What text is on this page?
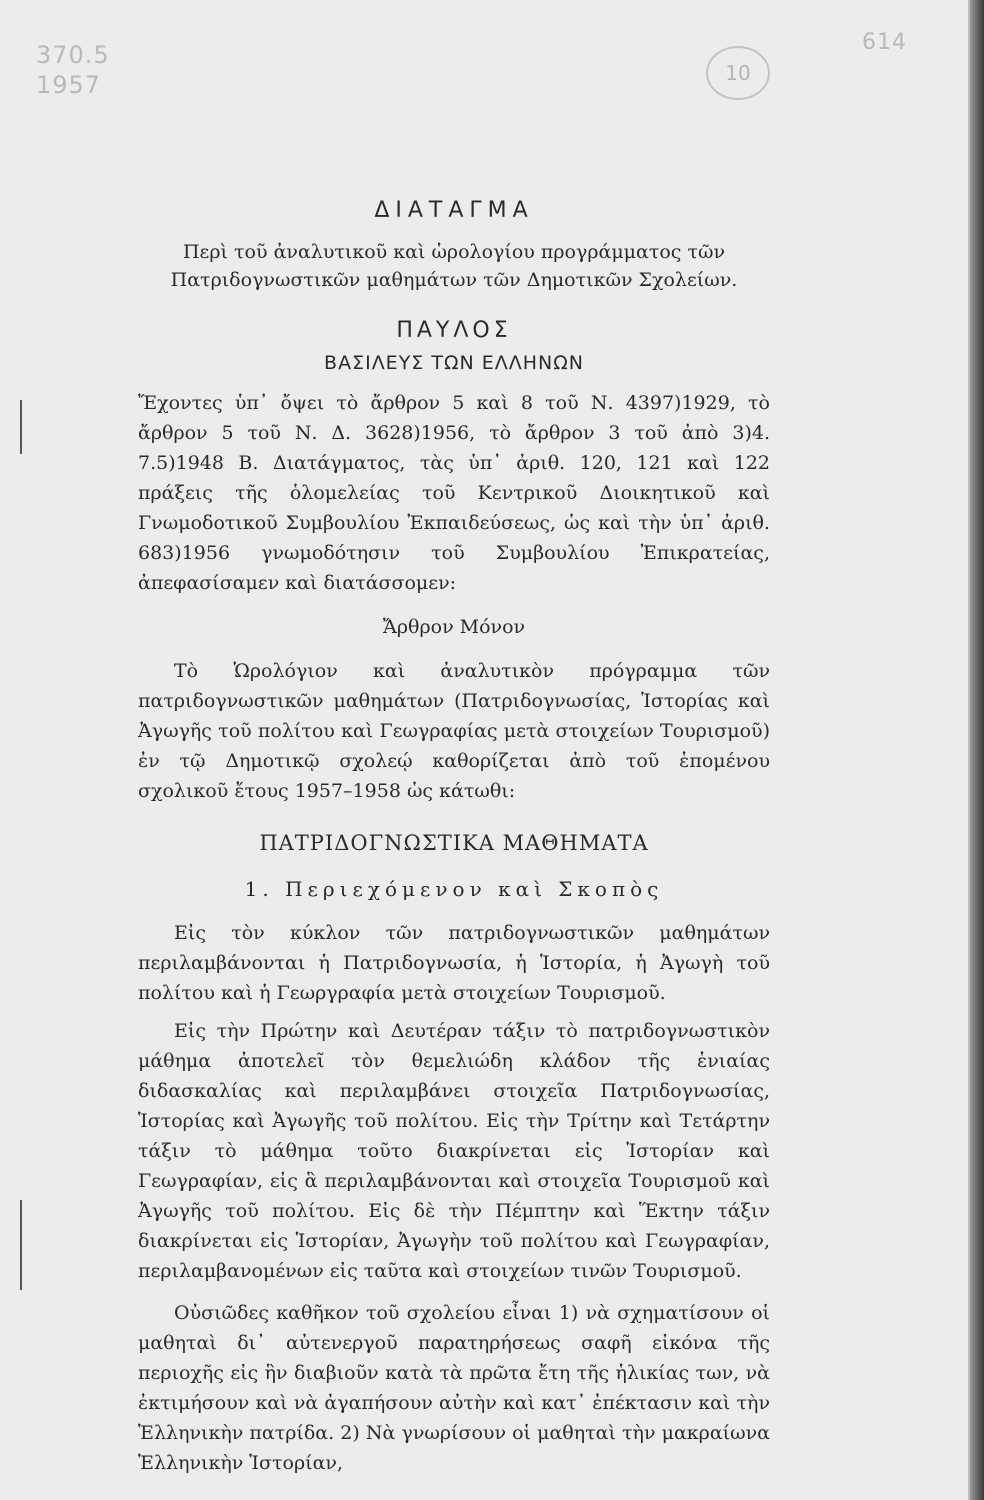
370.5
1957	10
614
ΔΙΑΤΑΓΜΑ
Περὶ τοῦ ἀναλυτικοῦ καὶ ὡρολογίου προγράμματος τῶν
Πατριδογνωστικῶν μαθημάτων τῶν Δημοτικῶν Σχολείων.
ΠΑΥΛΟΣ
ΒΑΣΙΛΕΥΣ ΤΩΝ ΕΛΛΗΝΩΝ

Ἔχοντες ὑπ᾽ ὄψει τὸ ἄρθρον 5 καὶ 8 τοῦ Ν. 4397)1929, τὸ ἄρθρον 5 τοῦ Ν. Δ. 3628)1956, τὸ ἄρθρον 3 τοῦ ἀπὸ 3)4. 7.5)1948 Β. Διατάγματος, τὰς ὑπ᾽ ἀριθ. 120, 121 καὶ 122 πράξεις τῆς ὁλομελείας τοῦ Κεντρικοῦ Διοικητικοῦ καὶ Γνωμοδοτικοῦ Συμβουλίου Ἐκπαιδεύσεως, ὡς καὶ τὴν ὑπ᾽ ἀριθ. 683)1956 γνωμοδότησιν τοῦ Συμβουλίου Ἐπικρατείας, ἀπεφασίσαμεν καὶ διατάσσομεν:

Ἄρθρον Μόνον

Τὸ Ὡρολόγιον καὶ ἀναλυτικὸν πρόγραμμα τῶν πατριδογνωστικῶν μαθημάτων (Πατριδογνωσίας, Ἱστορίας καὶ Ἀγωγῆς τοῦ πολίτου καὶ Γεωγραφίας μετὰ στοιχείων Τουρισμοῦ) ἐν τῷ Δημοτικῷ σχολεῴ καθορίζεται ἀπὸ τοῦ ἑπομένου σχολικοῦ ἔτους 1957–1958 ὡς κάτωθι:

ΠΑΤΡΙΔΟΓΝΩΣΤΙΚΑ ΜΑΘΗΜΑΤΑ
1. Περιεχόμενον καὶ Σκοπὸς

Εἰς τὸν κύκλον τῶν πατριδογνωστικῶν μαθημάτων περιλαμβάνονται ἡ Πατριδογνωσία, ἡ Ἱστορία, ἡ Ἀγωγὴ τοῦ πολίτου καὶ ἡ Γεωργραφία μετὰ στοιχείων Τουρισμοῦ.

Εἰς τὴν Πρώτην καὶ Δευτέραν τάξιν τὸ πατριδογνωστικὸν μάθημα ἀποτελεῖ τὸν θεμελιώδη κλάδον τῆς ἑνιαίας διδασκαλίας καὶ περιλαμβάνει στοιχεῖα Πατριδογνωσίας, Ἱστορίας καὶ Ἀγωγῆς τοῦ πολίτου. Εἰς τὴν Τρίτην καὶ Τετάρτην τάξιν τὸ μάθημα τοῦτο διακρίνεται εἰς Ἱστορίαν καὶ Γεωγραφίαν, εἰς ἃ περιλαμβάνονται καὶ στοιχεῖα Τουρισμοῦ καὶ Ἀγωγῆς τοῦ πολίτου. Εἰς δὲ τὴν Πέμπτην καὶ Ἕκτην τάξιν διακρίνεται εἰς Ἱστορίαν, Ἀγωγὴν τοῦ πολίτου καὶ Γεωγραφίαν, περιλαμβανομένων εἰς ταῦτα καὶ στοιχείων τινῶν Τουρισμοῦ.

Οὐσιῶδες καθῆκον τοῦ σχολείου εἶναι 1) νὰ σχηματίσουν οἱ μαθηταὶ δι᾽ αὐτενεργοῦ παρατηρήσεως σαφῆ εἰκόνα τῆς περιοχῆς εἰς ἣν διαβιοῦν κατὰ τὰ πρῶτα ἔτη τῆς ἡλικίας των, νὰ ἐκτιμήσουν καὶ νὰ ἀγαπήσουν αὐτὴν καὶ κατ᾽ ἐπέκτασιν καὶ τὴν Ἑλληνικὴν πατρίδα. 2) Νὰ γνωρίσουν οἱ μαθηταὶ τὴν μακραίωνα Ἑλληνικὴν Ἱστορίαν,
